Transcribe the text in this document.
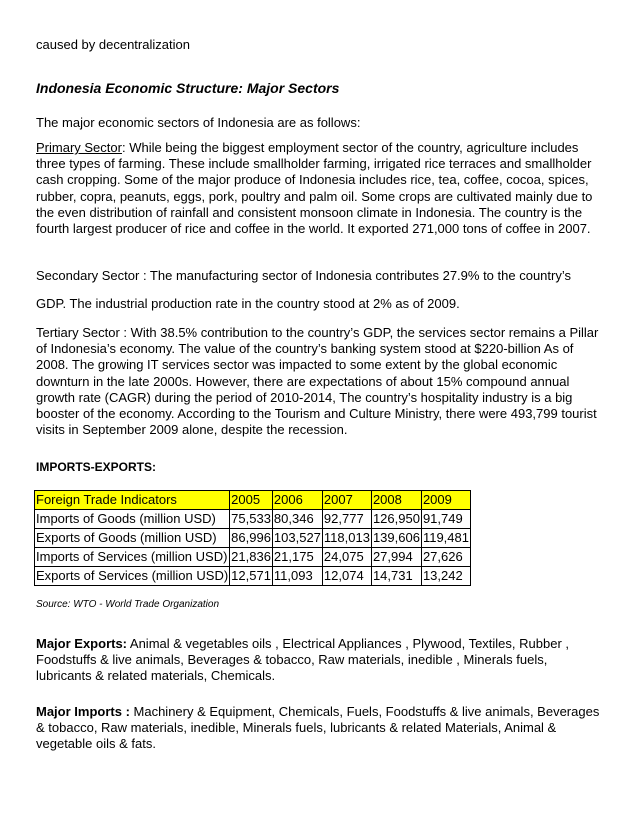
caused by decentralization

Indonesia Economic Structure: Major Sectors

The major economic sectors of Indonesia are as follows:

Primary Sector: While being the biggest employment sector of the country, agriculture includes three types of farming. These include smallholder farming, irrigated rice terraces and smallholder cash cropping. Some of the major produce of Indonesia includes rice, tea, coffee, cocoa, spices, rubber, copra, peanuts, eggs, pork, poultry and palm oil. Some crops are cultivated mainly due to the even distribution of rainfall and consistent monsoon climate in Indonesia. The country is the fourth largest producer of rice and coffee in the world. It exported 271,000 tons of coffee in 2007.

Secondary Sector : The manufacturing sector of Indonesia contributes 27.9% to the country’s

GDP. The industrial production rate in the country stood at 2% as of 2009.

Tertiary Sector : With 38.5% contribution to the country’s GDP, the services sector remains a Pillar of Indonesia’s economy. The value of the country’s banking system stood at $220-billion As of 2008. The growing IT services sector was impacted to some extent by the global economic downturn in the late 2000s. However, there are expectations of about 15% compound annual growth rate (CAGR) during the period of 2010-2014, The country’s hospitality industry is a big booster of the economy. According to the Tourism and Culture Ministry, there were 493,799 tourist visits in September 2009 alone, despite the recession.

IMPORTS-EXPORTS:

Foreign Trade Indicators	2005	2006	2007	2008	2009
Imports of Goods (million USD)	75,533	80,346	92,777	126,950	91,749
Exports of Goods (million USD)	86,996	103,527	118,013	139,606	119,481
Imports of Services (million USD)	21,836	21,175	24,075	27,994	27,626
Exports of Services (million USD)	12,571	11,093	12,074	14,731	13,242

Source: WTO - World Trade Organization

Major Exports: Animal & vegetables oils , Electrical Appliances , Plywood, Textiles, Rubber , Foodstuffs & live animals, Beverages & tobacco, Raw materials, inedible , Minerals fuels, lubricants & related materials, Chemicals.

Major Imports : Machinery & Equipment, Chemicals, Fuels, Foodstuffs & live animals, Beverages & tobacco, Raw materials, inedible, Minerals fuels, lubricants & related Materials, Animal & vegetable oils & fats.
